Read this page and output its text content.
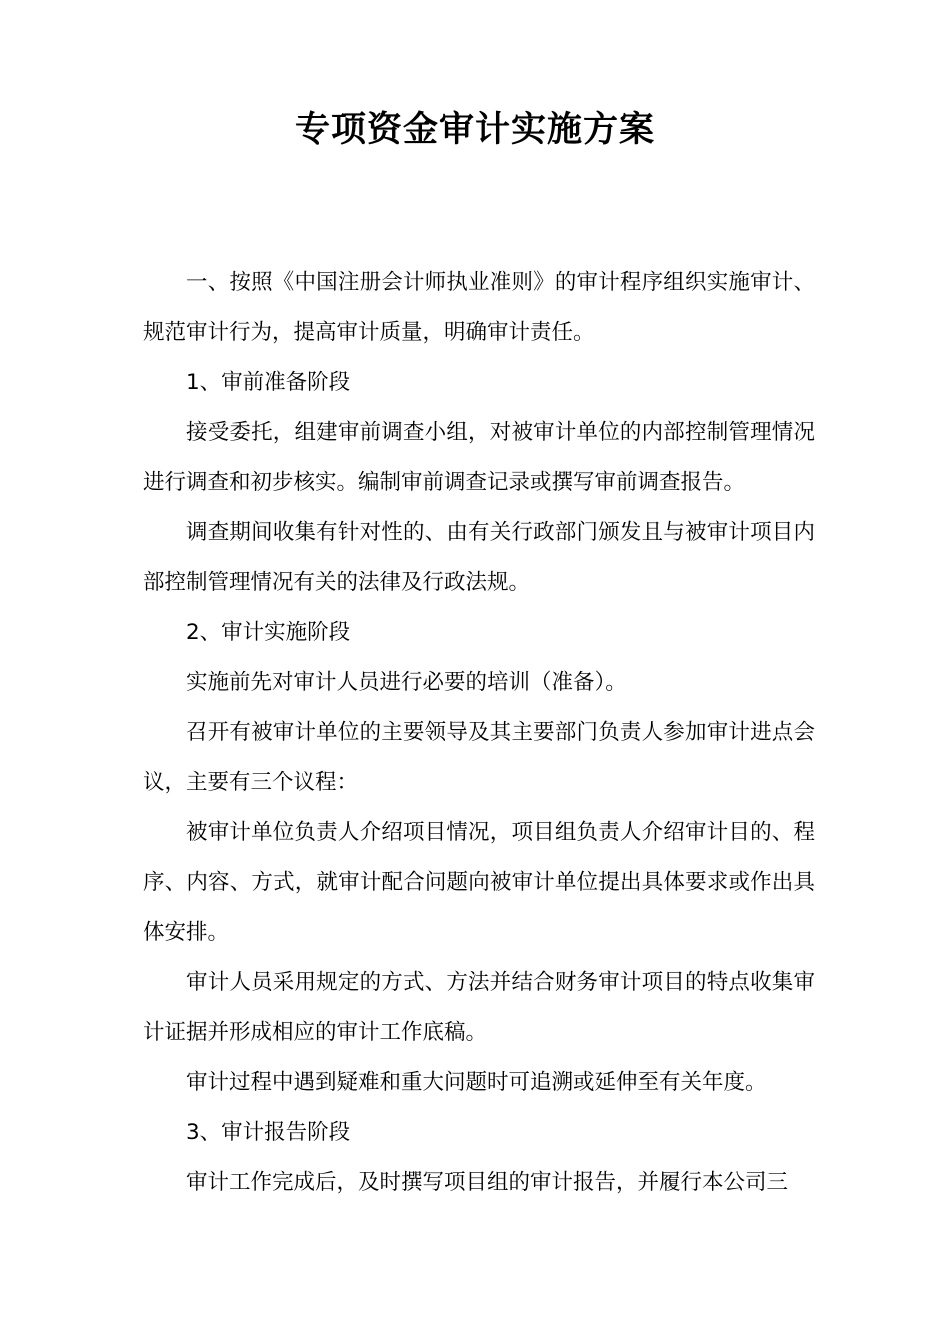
专项资金审计实施方案

一、按照《中国注册会计师执业准则》的审计程序组织实施审计、规范审计行为，提高审计质量，明确审计责任。

1、审前准备阶段

接受委托，组建审前调查小组，对被审计单位的内部控制管理情况进行调查和初步核实。编制审前调查记录或撰写审前调查报告。

调查期间收集有针对性的、由有关行政部门颁发且与被审计项目内部控制管理情况有关的法律及行政法规。

2、审计实施阶段

实施前先对审计人员进行必要的培训（准备）。

召开有被审计单位的主要领导及其主要部门负责人参加审计进点会议，主要有三个议程：

被审计单位负责人介绍项目情况，项目组负责人介绍审计目的、程序、内容、方式，就审计配合问题向被审计单位提出具体要求或作出具体安排。

审计人员采用规定的方式、方法并结合财务审计项目的特点收集审计证据并形成相应的审计工作底稿。

审计过程中遇到疑难和重大问题时可追溯或延伸至有关年度。

3、审计报告阶段

审计工作完成后，及时撰写项目组的审计报告，并履行本公司三
